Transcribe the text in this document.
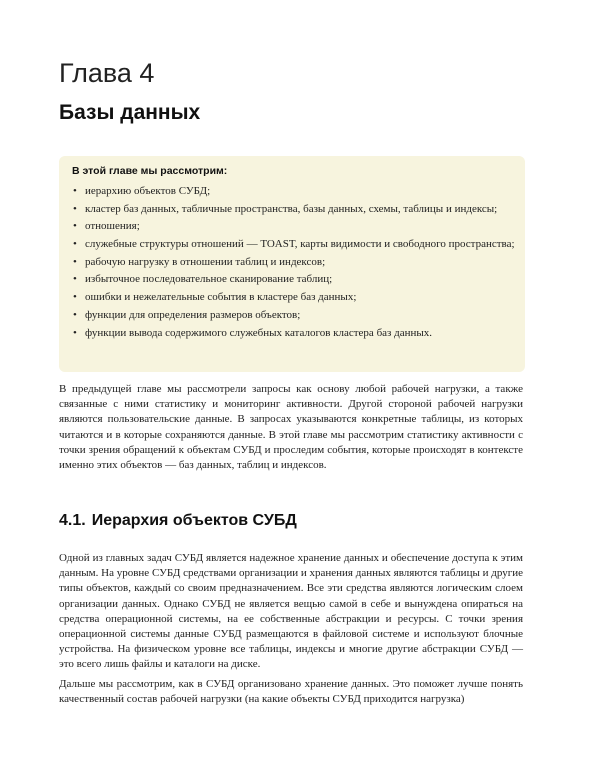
Глава 4
Базы данных
В этой главе мы рассмотрим:
• иерархию объектов СУБД;
• кластер баз данных, табличные пространства, базы данных, схемы, таблицы и индексы;
• отношения;
• служебные структуры отношений — TOAST, карты видимости и свободного пространства;
• рабочую нагрузку в отношении таблиц и индексов;
• избыточное последовательное сканирование таблиц;
• ошибки и нежелательные события в кластере баз данных;
• функции для определения размеров объектов;
• функции вывода содержимого служебных каталогов кластера баз данных.

В предыдущей главе мы рассмотрели запросы как основу любой рабочей нагрузки, а также связанные с ними статистику и мониторинг активности. Другой стороной рабочей нагрузки являются пользовательские данные. В запросах указываются конкретные таблицы, из которых читаются и в которые сохраняются данные. В этой главе мы рассмотрим статистику активности с точки зрения обращений к объектам СУБД и проследим события, которые происходят в контексте именно этих объектов — баз данных, таблиц и индексов.

4.1. Иерархия объектов СУБД

Одной из главных задач СУБД является надежное хранение данных и обеспечение доступа к этим данным. На уровне СУБД средствами организации и хранения данных являются таблицы и другие типы объектов, каждый со своим предназначением. Все эти средства являются логическим слоем организации данных. Однако СУБД не является вещью самой в себе и вынуждена опираться на средства операционной системы, на ее собственные абстракции и ресурсы. С точки зрения операционной системы данные СУБД размещаются в файловой системе и используют блочные устройства. На физическом уровне все таблицы, индексы и многие другие абстракции СУБД — это всего лишь файлы и каталоги на диске.

Дальше мы рассмотрим, как в СУБД организовано хранение данных. Это поможет лучше понять качественный состав рабочей нагрузки (на какие объекты СУБД приходится нагрузка)
